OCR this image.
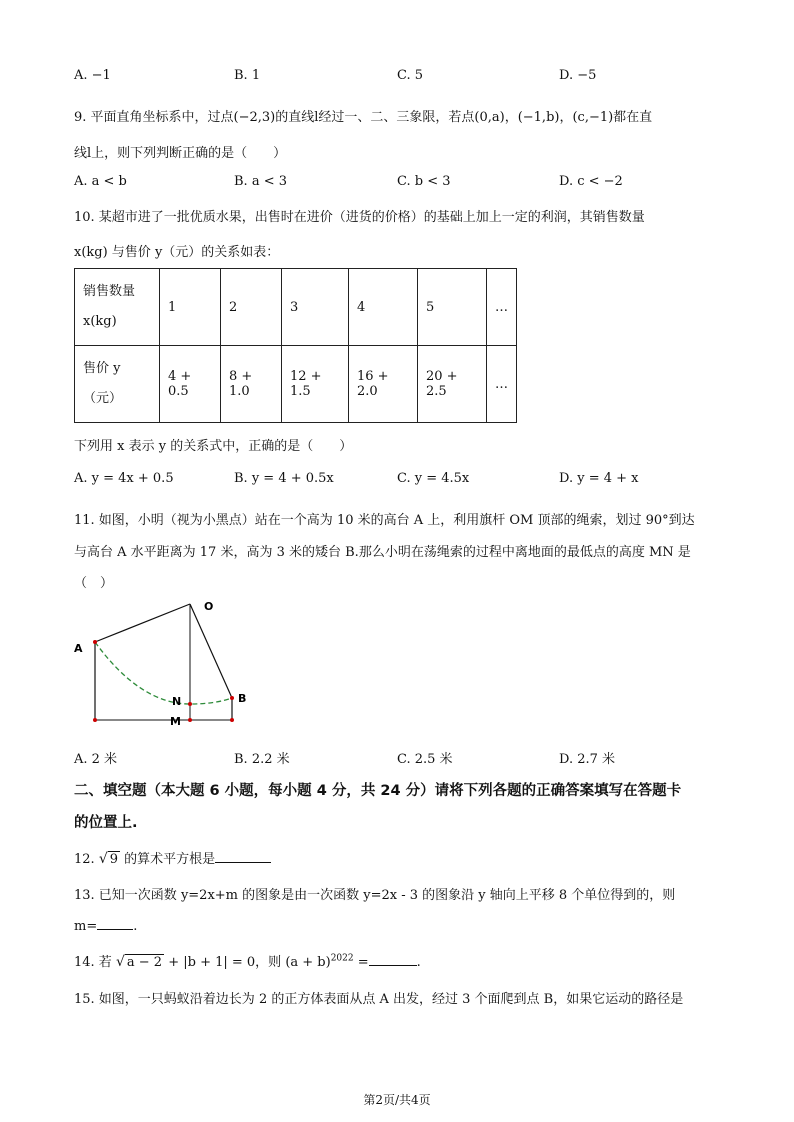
A. −1	B. 1	C. 5	D. −5
9. 平面直角坐标系中，过点(−2,3)的直线l经过一、二、三象限，若点(0,a)，(−1,b)，(c,−1)都在直
线l上，则下列判断正确的是（　　）
A. a < b	B. a < 3	C. b < 3	D. c < −2
10. 某超市进了一批优质水果，出售时在进价（进货的价格）的基础上加上一定的利润，其销售数量
x(kg) 与售价 y（元）的关系如表：
销售数量
x(kg)	1	2	3	4	5	…

售价 y
（元）	4 + 0.5	8 + 1.0	12 + 1.5	16 + 2.0	20 + 2.5	…
下列用 x 表示 y 的关系式中，正确的是（　　）
A. y = 4x + 0.5	B. y = 4 + 0.5x	C. y = 4.5x	D. y = 4 + x
11. 如图，小明（视为小黑点）站在一个高为 10 米的高台 A 上，利用旗杆 OM 顶部的绳索，划过 90°到达
与高台 A 水平距离为 17 米，高为 3 米的矮台 B.那么小明在荡绳索的过程中离地面的最低点的高度 MN 是
（　）
O
A
N	B
M
A. 2 米	B. 2.2 米	C. 2.5 米	D. 2.7 米
二、填空题（本大题 6 小题，每小题 4 分，共 24 分）请将下列各题的正确答案填写在答题卡
的位置上.
12. √ 9 的算术平方根是
13. 已知一次函数 y=2x+m 的图象是由一次函数 y=2x - 3 的图象沿 y 轴向上平移 8 个单位得到的，则
m=	.
14. 若 √ a − 2 + |b + 1| = 0，则 $(a + b)^{2022}$ =	.
15. 如图，一只蚂蚁沿着边长为 2 的正方体表面从点 A 出发，经过 3 个面爬到点 B，如果它运动的路径是
第2页/共4页
